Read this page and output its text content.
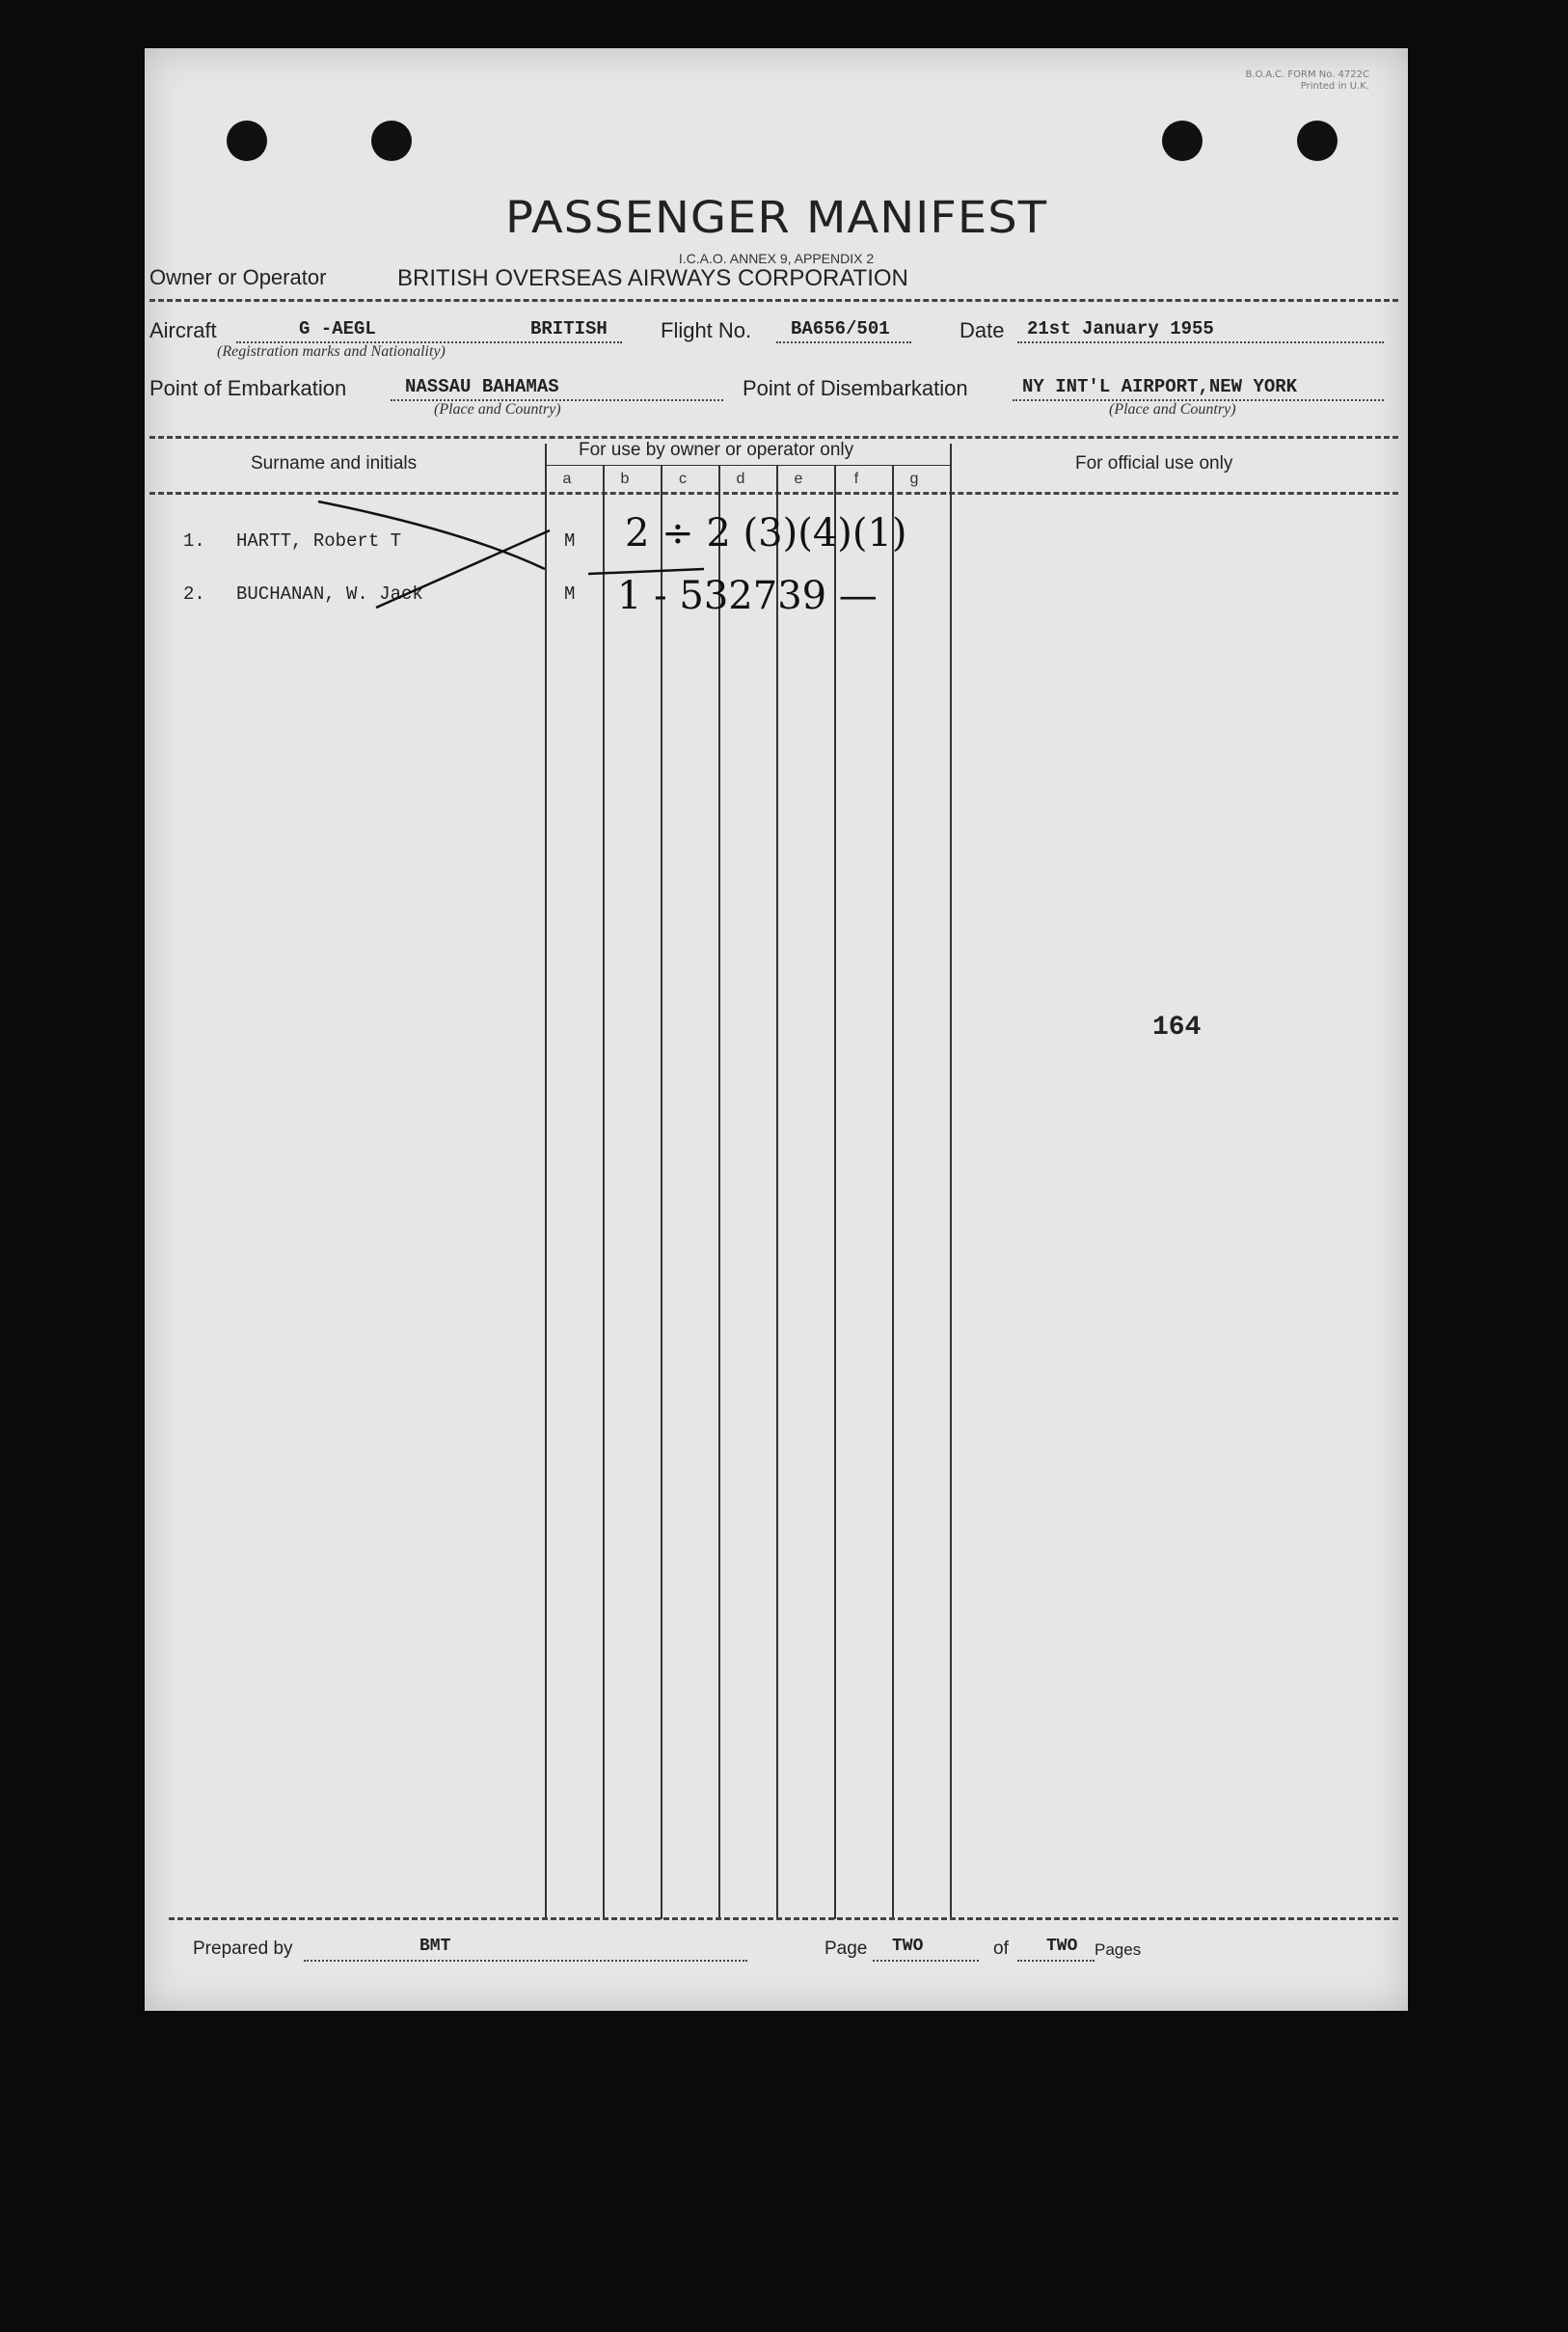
B.O.A.C. FORM No. 4722C
Printed in U.K.
PASSENGER MANIFEST
I.C.A.O. ANNEX 9, APPENDIX 2
Owner or Operator	BRITISH OVERSEAS AIRWAYS CORPORATION
Aircraft	G -AEGL	BRITISH
(Registration marks and Nationality)
Flight No. BA656/501	Date 21st January 1955
Point of Embarkation	NASSAU BAHAMAS
(Place and Country)
Point of Disembarkation	NY INT'L AIRPORT,NEW YORK
(Place and Country)
Surname and initials
For use by owner or operator only
For official use only
a	b	c	d	e	f	g
1. HARTT, Robert T	M 2 ÷ 2 (3)(4)(1)
2. BUCHANAN, W. Jack	M 1 - 532739 —
164
Prepared by	BMT	Page TWO	of TWO Pages
